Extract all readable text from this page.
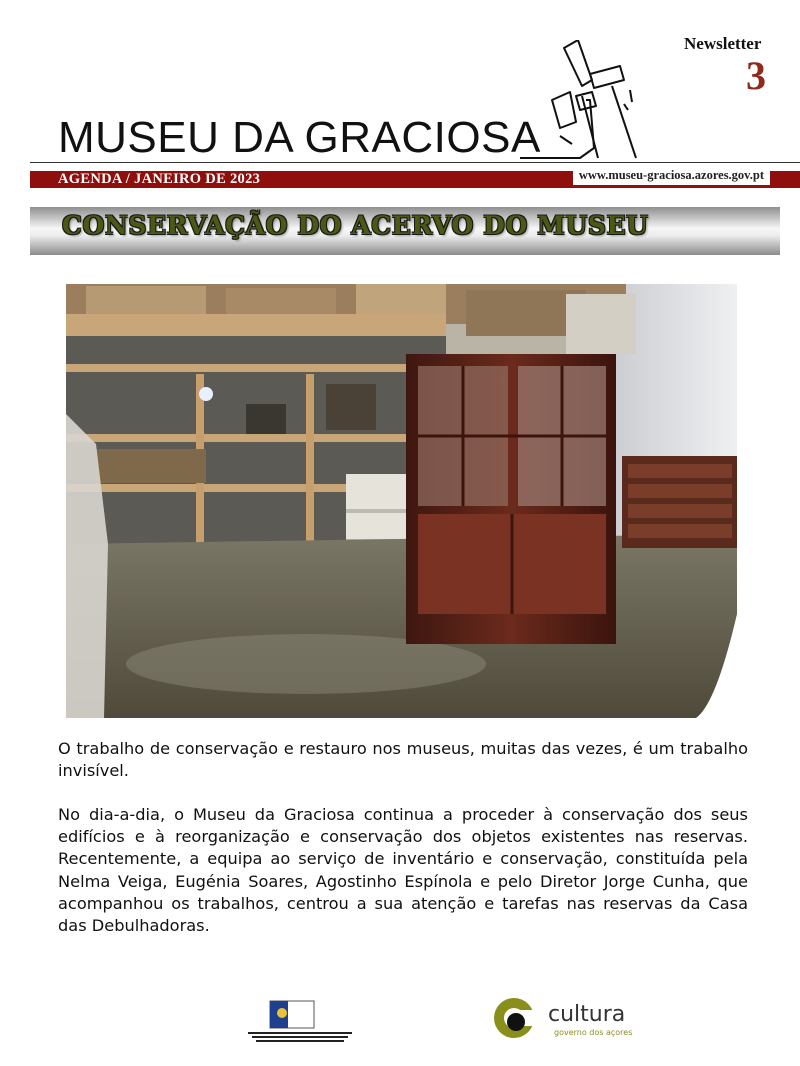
Newsletter
3
MUSEU DA GRACIOSA
AGENDA / JANEIRO DE 2023	www.museu-graciosa.azores.gov.pt
CONSERVAÇÃO DO ACERVO DO MUSEU

O trabalho de conservação e restauro nos museus, muitas das vezes, é um trabalho invisível.

No dia-a-dia, o Museu da Graciosa continua a proceder à conservação dos seus edifícios e à reorganização e conservação dos objetos existentes nas reservas. Recentemente, a equipa ao serviço de inventário e conservação, constituída pela Nelma Veiga, Eugénia Soares, Agostinho Espínola e pelo Diretor Jorge Cunha, que acompanhou os trabalhos, centrou a sua atenção e tarefas nas reservas da Casa das Debulhadoras.

cultura
governo dos açores
